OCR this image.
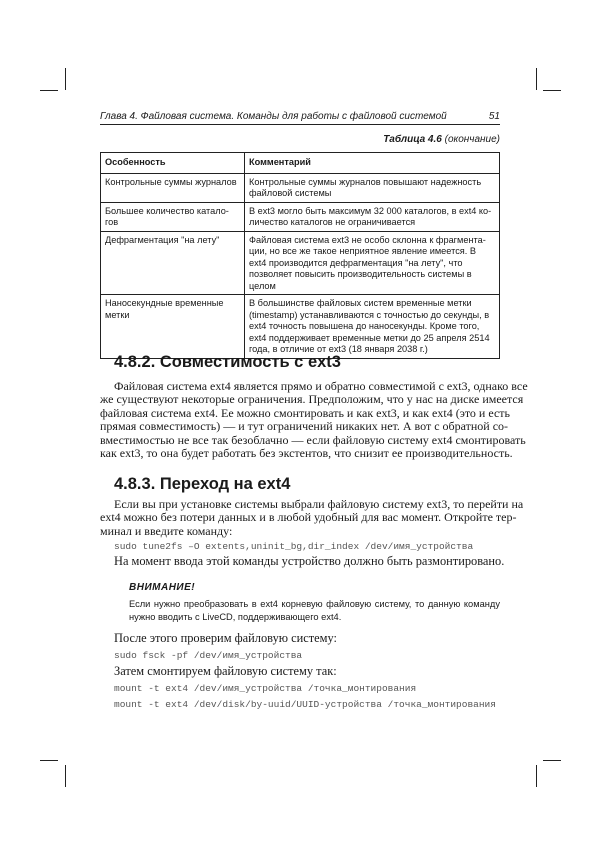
Глава 4. Файловая система. Команды для работы с файловой системой	51
Таблица 4.6 (окончание)
Особенность	Комментарий
Контрольные суммы журналов	Контрольные суммы журналов повышают надежность файловой системы
Большее количество катало-гов	В ext3 могло быть максимум 32 000 каталогов, в ext4 ко-личество каталогов не ограничивается
Дефрагментация "на лету"	Файловая система ext3 не особо склонна к фрагмента-ции, но все же такое неприятное явление имеется. В ext4 производится дефрагментация "на лету", что позволяет повысить производительность системы в целом
Наносекундные временные метки	В большинстве файловых систем временные метки (timestamp) устанавливаются с точностью до секунды, в ext4 точность повышена до наносекунды. Кроме того, ext4 поддерживает временные метки до 25 апреля 2514 года, в отличие от ext3 (18 января 2038 г.)
4.8.2. Совместимость с ext3
Файловая система ext4 является прямо и обратно совместимой с ext3, однако все
же существуют некоторые ограничения. Предположим, что у нас на диске имеется
файловая система ext4. Ее можно смонтировать и как ext3, и как ext4 (это и есть
прямая совместимость) — и тут ограничений никаких нет. А вот с обратной со-
вместимостью не все так безоблачно — если файловую систему ext4 смонтировать
как ext3, то она будет работать без экстентов, что снизит ее производительность.
4.8.3. Переход на ext4
Если вы при установке системы выбрали файловую систему ext3, то перейти на
ext4 можно без потери данных и в любой удобный для вас момент. Откройте тер-
минал и введите команду:
sudo tune2fs –O extents,uninit_bg,dir_index /dev/имя_устройства
На момент ввода этой команды устройство должно быть размонтировано.
ВНИМАНИЕ!
Если нужно преобразовать в ext4 корневую файловую систему, то данную команду
нужно вводить с LiveCD, поддерживающего ext4.
После этого проверим файловую систему:
sudo fsck -pf /dev/имя_устройства
Затем смонтируем файловую систему так:
mount -t ext4 /dev/имя_устройства /точка_монтирования
mount -t ext4 /dev/disk/by-uuid/UUID-устройства /точка_монтирования
